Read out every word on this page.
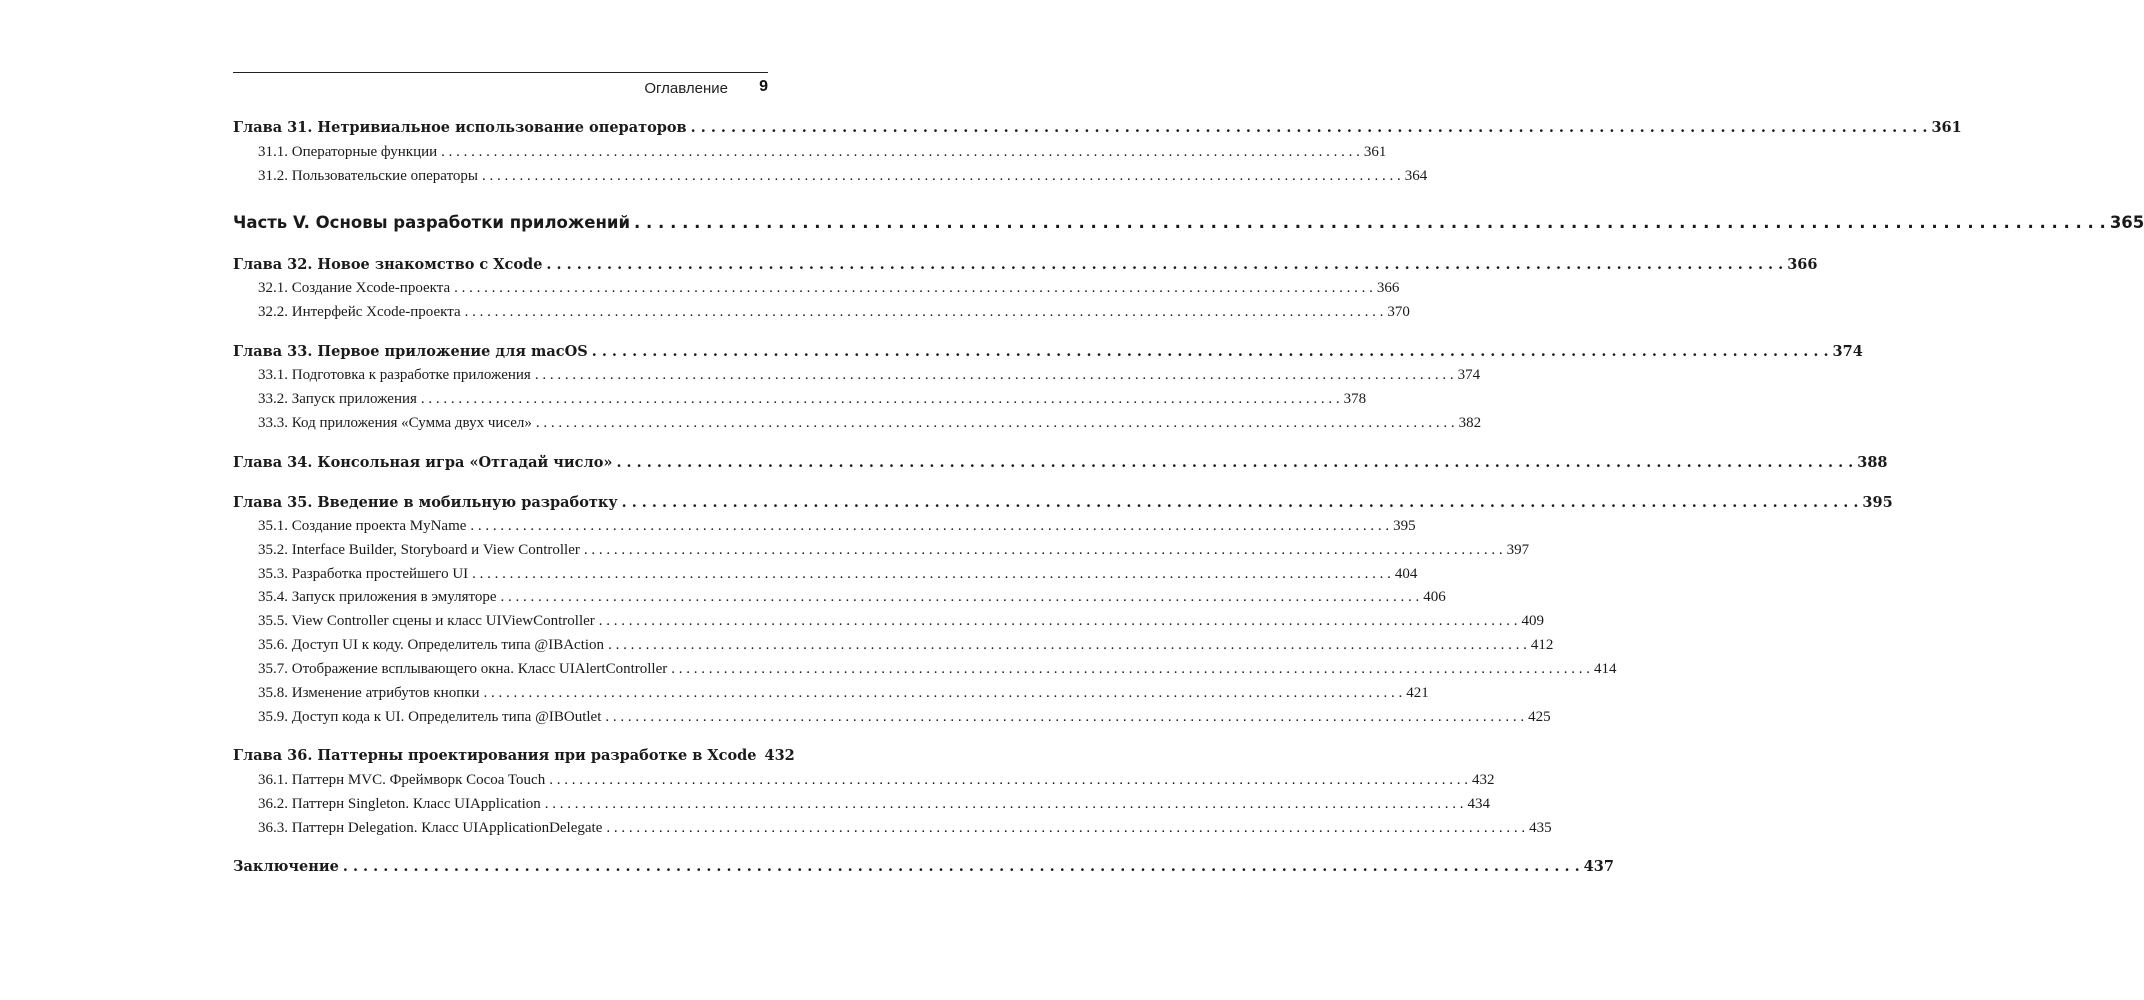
Оглавление 9
Глава 31. Нетривиальное использование операторов . . .	361
31.1. Операторные функции . . .	361
31.2. Пользовательские операторы . . .	364
Часть V. Основы разработки приложений . . .	365
Глава 32. Новое знакомство с Xcode . . .	366
32.1. Создание Xcode-проекта . . .	366
32.2. Интерфейс Xcode-проекта . . .	370
Глава 33. Первое приложение для macOS . . .	374
33.1. Подготовка к разработке приложения . . .	374
33.2. Запуск приложения . . .	378
33.3. Код приложения «Сумма двух чисел» . . .	382
Глава 34. Консольная игра «Отгадай число» . . .	388
Глава 35. Введение в мобильную разработку . . .	395
35.1. Создание проекта MyName . . .	395
35.2. Interface Builder, Storyboard и View Controller . . .	397
35.3. Разработка простейшего UI . . .	404
35.4. Запуск приложения в эмуляторе . . .	406
35.5. View Controller сцены и класс UIViewController . . .	409
35.6. Доступ UI к коду. Определитель типа @IBAction . . .	412
35.7. Отображение всплывающего окна. Класс UIAlertController . . .	414
35.8. Изменение атрибутов кнопки . . .	421
35.9. Доступ кода к UI. Определитель типа @IBOutlet . . .	425
Глава 36. Паттерны проектирования при разработке в Xcode 432
36.1. Паттерн MVC. Фреймворк Cocoa Touch . . .	432
36.2. Паттерн Singleton. Класс UIApplication . . .	434
36.3. Паттерн Delegation. Класс UIApplicationDelegate . . .	435
Заключение . . .	437
